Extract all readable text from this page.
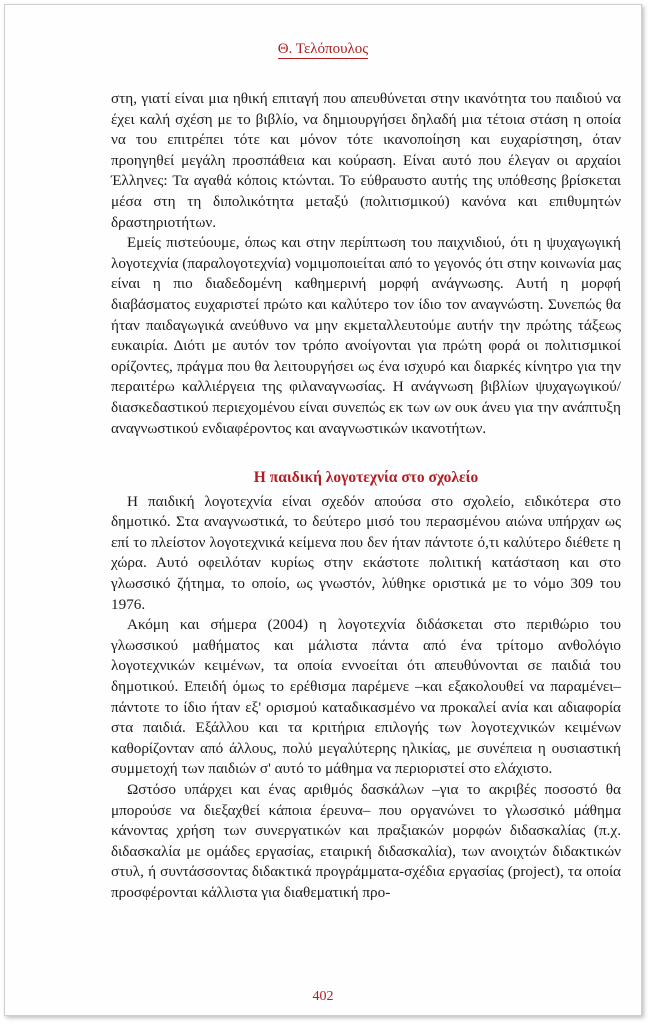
Θ. Τελόπουλος

στη, γιατί είναι μια ηθική επιταγή που απευθύνεται στην ικανότητα του παιδιού να έχει καλή σχέση με το βιβλίο, να δημιουργήσει δηλαδή μια τέτοια στάση η οποία να του επιτρέπει τότε και μόνον τότε ικανοποίηση και ευχαρίστηση, όταν προηγηθεί μεγάλη προσπάθεια και κούραση. Είναι αυτό που έλεγαν οι αρχαίοι Έλληνες: Τα αγαθά κόποις κτώνται. Το εύθραυστο αυτής της υπόθεσης βρίσκεται μέσα στη τη διπολικότητα μεταξύ (πολιτισμικού) κανόνα και επιθυμητών δραστηριοτήτων.

Εμείς πιστεύουμε, όπως και στην περίπτωση του παιχνιδιού, ότι η ψυχαγωγική λογοτεχνία (παραλογοτεχνία) νομιμοποιείται από το γεγονός ότι στην κοινωνία μας είναι η πιο διαδεδομένη καθημερινή μορφή ανάγνωσης. Αυτή η μορφή διαβάσματος ευχαριστεί πρώτο και καλύτερο τον ίδιο τον αναγνώστη. Συνεπώς θα ήταν παιδαγωγικά ανεύθυνο να μην εκμεταλλευτούμε αυτήν την πρώτης τάξεως ευκαιρία. Διότι με αυτόν τον τρόπο ανοίγονται για πρώτη φορά οι πολιτισμικοί ορίζοντες, πράγμα που θα λειτουργήσει ως ένα ισχυρό και διαρκές κίνητρο για την περαιτέρω καλλιέργεια της φιλαναγνωσίας. Η ανάγνωση βιβλίων ψυχαγωγικού/διασκεδαστικού περιεχομένου είναι συνεπώς εκ των ων ουκ άνευ για την ανάπτυξη αναγνωστικού ενδιαφέροντος και αναγνωστικών ικανοτήτων.

Η παιδική λογοτεχνία στο σχολείο

Η παιδική λογοτεχνία είναι σχεδόν απούσα στο σχολείο, ειδικότερα στο δημοτικό. Στα αναγνωστικά, το δεύτερο μισό του περασμένου αιώνα υπήρχαν ως επί το πλείστον λογοτεχνικά κείμενα που δεν ήταν πάντοτε ό,τι καλύτερο διέθετε η χώρα. Αυτό οφειλόταν κυρίως στην εκάστοτε πολιτική κατάσταση και στο γλωσσικό ζήτημα, το οποίο, ως γνωστόν, λύθηκε οριστικά με το νόμο 309 του 1976.

Ακόμη και σήμερα (2004) η λογοτεχνία διδάσκεται στο περιθώριο του γλωσσικού μαθήματος και μάλιστα πάντα από ένα τρίτομο ανθολόγιο λογοτεχνικών κειμένων, τα οποία εννοείται ότι απευθύνονται σε παιδιά του δημοτικού. Επειδή όμως το ερέθισμα παρέμενε –και εξακολουθεί να παραμένει– πάντοτε το ίδιο ήταν εξ' ορισμού καταδικασμένο να προκαλεί ανία και αδιαφορία στα παιδιά. Εξάλλου και τα κριτήρια επιλογής των λογοτεχνικών κειμένων καθορίζονταν από άλλους, πολύ μεγαλύτερης ηλικίας, με συνέπεια η ουσιαστική συμμετοχή των παιδιών σ' αυτό το μάθημα να περιοριστεί στο ελάχιστο.

Ωστόσο υπάρχει και ένας αριθμός δασκάλων –για το ακριβές ποσοστό θα μπορούσε να διεξαχθεί κάποια έρευνα– που οργανώνει το γλωσσικό μάθημα κάνοντας χρήση των συνεργατικών και πραξιακών μορφών διδασκαλίας (π.χ. διδασκαλία με ομάδες εργασίας, εταιρική διδασκαλία), των ανοιχτών διδακτικών στυλ, ή συντάσσοντας διδακτικά προγράμματα-σχέδια εργασίας (project), τα οποία προσφέρονται κάλλιστα για διαθεματική προ-

402
